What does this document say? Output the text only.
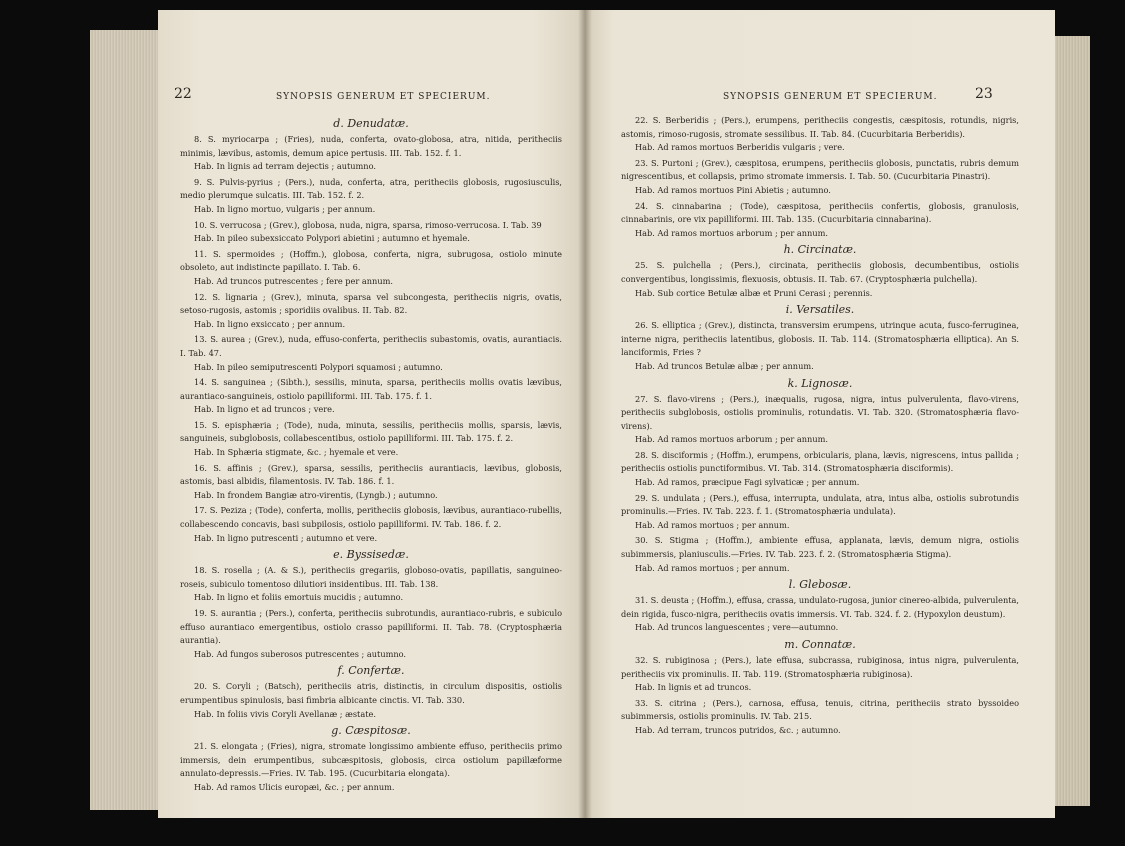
22	SYNOPSIS GENERUM ET SPECIERUM.

d. Denudatæ.

8. S. myriocarpa ; (Fries), nuda, conferta, ovato-globosa, atra, nitida, peritheciis minimis, lævibus, astomis, demum apice pertusis. III. Tab. 152. f. 1.

Hab. In lignis ad terram dejectis ; autumno.

9. S. Pulvis-pyrius ; (Pers.), nuda, conferta, atra, peritheciis globosis, rugosiusculis, medio plerumque sulcatis. III. Tab. 152. f. 2.

Hab. In ligno mortuo, vulgaris ; per annum.

10. S. verrucosa ; (Grev.), globosa, nuda, nigra, sparsa, rimoso-verrucosa. I. Tab. 39

Hab. In pileo subexsiccato Polypori abietini ; autumno et hyemale.

11. S. spermoides ; (Hoffm.), globosa, conferta, nigra, subrugosa, ostiolo minute obsoleto, aut indistincte papillato. I. Tab. 6.

Hab. Ad truncos putrescentes ; fere per annum.

12. S. lignaria ; (Grev.), minuta, sparsa vel subcongesta, peritheciis nigris, ovatis, setoso-rugosis, astomis ; sporidiis ovalibus. II. Tab. 82.

Hab. In ligno exsiccato ; per annum.

13. S. aurea ; (Grev.), nuda, effuso-conferta, peritheciis subastomis, ovatis, aurantiacis. I. Tab. 47.

Hab. In pileo semiputrescenti Polypori squamosi ; autumno.

14. S. sanguinea ; (Sibth.), sessilis, minuta, sparsa, peritheciis mollis ovatis lævibus, aurantiaco-sanguineis, ostiolo papilliformi. III. Tab. 175. f. 1.

Hab. In ligno et ad truncos ; vere.

15. S. episphæria ; (Tode), nuda, minuta, sessilis, peritheciis mollis, sparsis, lævis, sanguineis, subglobosis, collabescentibus, ostiolo papilliformi. III. Tab. 175. f. 2.

Hab. In Sphæria stigmate, &c. ; hyemale et vere.

16. S. affinis ; (Grev.), sparsa, sessilis, peritheciis aurantiacis, lævibus, globosis, astomis, basi albidis, filamentosis. IV. Tab. 186. f. 1.

Hab. In frondem Bangiæ atro-virentis, (Lyngb.) ; autumno.

17. S. Peziza ; (Tode), conferta, mollis, peritheciis globosis, lævibus, aurantiaco-rubellis, collabescendo concavis, basi subpilosis, ostiolo papilliformi. IV. Tab. 186. f. 2.

Hab. In ligno putrescenti ; autumno et vere.

e. Byssisedæ.

18. S. rosella ; (A. & S.), peritheciis gregariis, globoso-ovatis, papillatis, sanguineo-roseis, subiculo tomentoso dilutiori insidentibus. III. Tab. 138.

Hab. In ligno et foliis emortuis mucidis ; autumno.

19. S. aurantia ; (Pers.), conferta, peritheciis subrotundis, aurantiaco-rubris, e subiculo effuso aurantiaco emergentibus, ostiolo crasso papilliformi. II. Tab. 78. (Cryptosphæria aurantia).

Hab. Ad fungos suberosos putrescentes ; autumno.

f. Confertæ.

20. S. Coryli ; (Batsch), peritheciis atris, distinctis, in circulum dispositis, ostiolis erumpentibus spinulosis, basi fimbria albicante cinctis. VI. Tab. 330.

Hab. In foliis vivis Coryli Avellanæ ; æstate.

g. Cæspitosæ.

21. S. elongata ; (Fries), nigra, stromate longissimo ambiente effuso, peritheciis primo immersis, dein erumpentibus, subcæspitosis, globosis, circa ostiolum papillæforme annulato-depressis.—Fries. IV. Tab. 195. (Cucurbitaria elongata).

Hab. Ad ramos Ulicis europæi, &c. ; per annum.

SYNOPSIS GENERUM ET SPECIERUM.	23

22. S. Berberidis ; (Pers.), erumpens, peritheciis congestis, cæspitosis, rotundis, nigris, astomis, rimoso-rugosis, stromate sessilibus. II. Tab. 84. (Cucurbitaria Berberidis).

Hab. Ad ramos mortuos Berberidis vulgaris ; vere.

23. S. Purtoni ; (Grev.), cæspitosa, erumpens, peritheciis globosis, punctatis, rubris demum nigrescentibus, et collapsis, primo stromate immersis. I. Tab. 50. (Cucurbitaria Pinastri).

Hab. Ad ramos mortuos Pini Abietis ; autumno.

24. S. cinnabarina ; (Tode), cæspitosa, peritheciis confertis, globosis, granulosis, cinnabarinis, ore vix papilliformi. III. Tab. 135. (Cucurbitaria cinnabarina).

Hab. Ad ramos mortuos arborum ; per annum.

h. Circinatæ.

25. S. pulchella ; (Pers.), circinata, peritheciis globosis, decumbentibus, ostiolis convergentibus, longissimis, flexuosis, obtusis. II. Tab. 67. (Cryptosphæria pulchella).

Hab. Sub cortice Betulæ albæ et Pruni Cerasi ; perennis.

i. Versatiles.

26. S. elliptica ; (Grev.), distincta, transversim erumpens, utrinque acuta, fusco-ferruginea, interne nigra, peritheciis latentibus, globosis. II. Tab. 114. (Stromatosphæria elliptica). An S. lanciformis, Fries ?

Hab. Ad truncos Betulæ albæ ; per annum.

k. Lignosæ.

27. S. flavo-virens ; (Pers.), inæqualis, rugosa, nigra, intus pulverulenta, flavo-virens, peritheciis subglobosis, ostiolis prominulis, rotundatis. VI. Tab. 320. (Stromatosphæria flavo-virens).

Hab. Ad ramos mortuos arborum ; per annum.

28. S. disciformis ; (Hoffm.), erumpens, orbicularis, plana, lævis, nigrescens, intus pallida ; peritheciis ostiolis punctiformibus. VI. Tab. 314. (Stromatosphæria disciformis).

Hab. Ad ramos, præcipue Fagi sylvaticæ ; per annum.

29. S. undulata ; (Pers.), effusa, interrupta, undulata, atra, intus alba, ostiolis subrotundis prominulis.—Fries. IV. Tab. 223. f. 1. (Stromatosphæria undulata).

Hab. Ad ramos mortuos ; per annum.

30. S. Stigma ; (Hoffm.), ambiente effusa, applanata, lævis, demum nigra, ostiolis subimmersis, planiusculis.—Fries. IV. Tab. 223. f. 2. (Stromatosphæria Stigma).

Hab. Ad ramos mortuos ; per annum.

l. Glebosæ.

31. S. deusta ; (Hoffm.), effusa, crassa, undulato-rugosa, junior cinereo-albida, pulverulenta, dein rigida, fusco-nigra, peritheciis ovatis immersis. VI. Tab. 324. f. 2. (Hypoxylon deustum).

Hab. Ad truncos languescentes ; vere—autumno.

m. Connatæ.

32. S. rubiginosa ; (Pers.), late effusa, subcrassa, rubiginosa, intus nigra, pulverulenta, peritheciis vix prominulis. II. Tab. 119. (Stromatosphæria rubiginosa).

Hab. In lignis et ad truncos.

33. S. citrina ; (Pers.), carnosa, effusa, tenuis, citrina, peritheciis strato byssoideo subimmersis, ostiolis prominulis. IV. Tab. 215.

Hab. Ad terram, truncos putridos, &c. ; autumno.
